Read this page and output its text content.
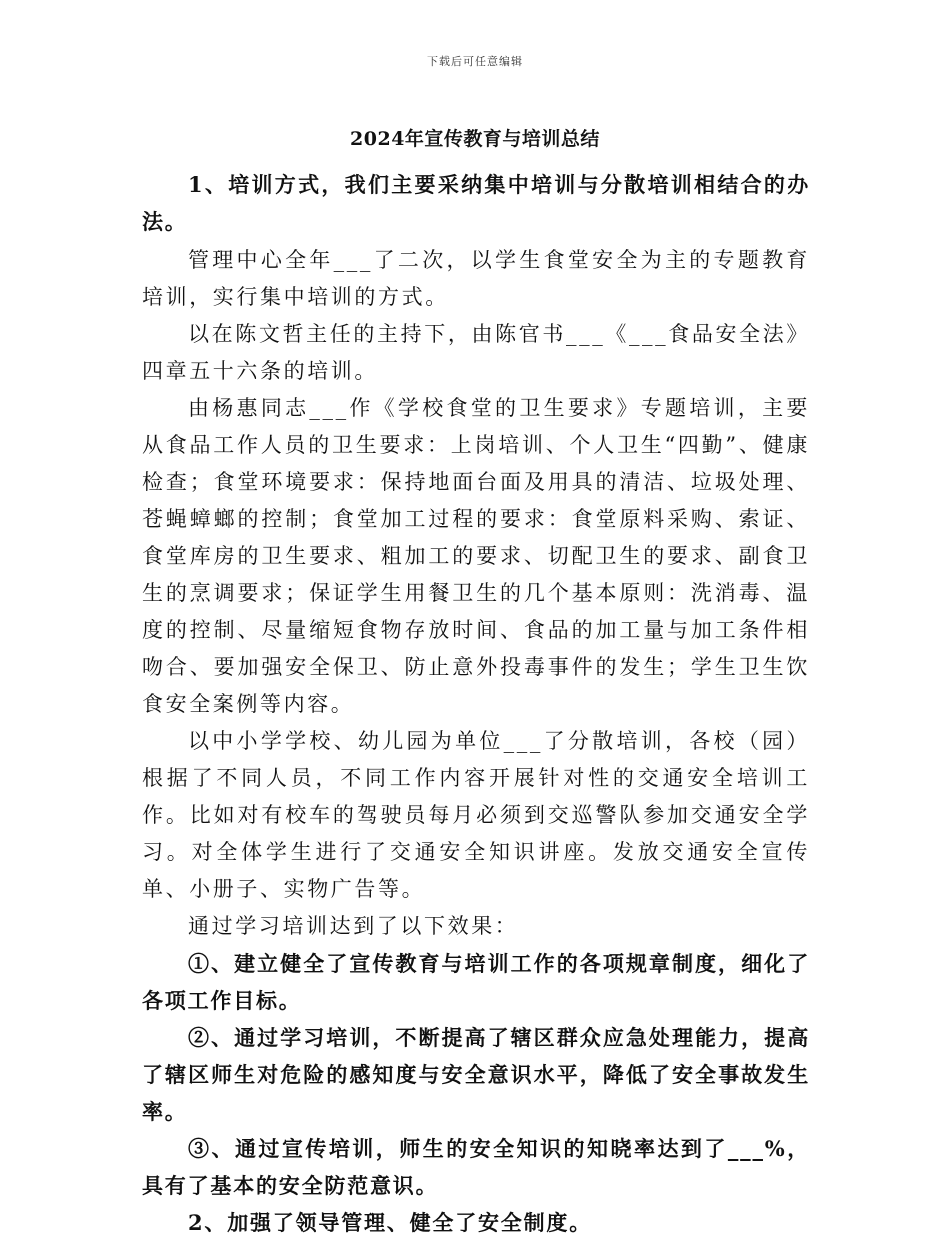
下载后可任意编辑
2024年宣传教育与培训总结

1、培训方式，我们主要采纳集中培训与分散培训相结合的办法。

管理中心全年___了二次，以学生食堂安全为主的专题教育培训，实行集中培训的方式。

以在陈文哲主任的主持下，由陈官书___《___食品安全法》四章五十六条的培训。

由杨惠同志___作《学校食堂的卫生要求》专题培训，主要从食品工作人员的卫生要求：上岗培训、个人卫生“四勤”、健康检查；食堂环境要求：保持地面台面及用具的清洁、垃圾处理、苍蝇蟑螂的控制；食堂加工过程的要求：食堂原料采购、索证、食堂库房的卫生要求、粗加工的要求、切配卫生的要求、副食卫生的烹调要求；保证学生用餐卫生的几个基本原则：洗消毒、温度的控制、尽量缩短食物存放时间、食品的加工量与加工条件相吻合、要加强安全保卫、防止意外投毒事件的发生；学生卫生饮食安全案例等内容。

以中小学学校、幼儿园为单位___了分散培训，各校（园）根据了不同人员，不同工作内容开展针对性的交通安全培训工作。比如对有校车的驾驶员每月必须到交巡警队参加交通安全学习。对全体学生进行了交通安全知识讲座。发放交通安全宣传单、小册子、实物广告等。

通过学习培训达到了以下效果：

①、建立健全了宣传教育与培训工作的各项规章制度，细化了各项工作目标。

②、通过学习培训，不断提高了辖区群众应急处理能力，提高了辖区师生对危险的感知度与安全意识水平，降低了安全事故发生率。

③、通过宣传培训，师生的安全知识的知晓率达到了___%，具有了基本的安全防范意识。

2、加强了领导管理、健全了安全制度。
